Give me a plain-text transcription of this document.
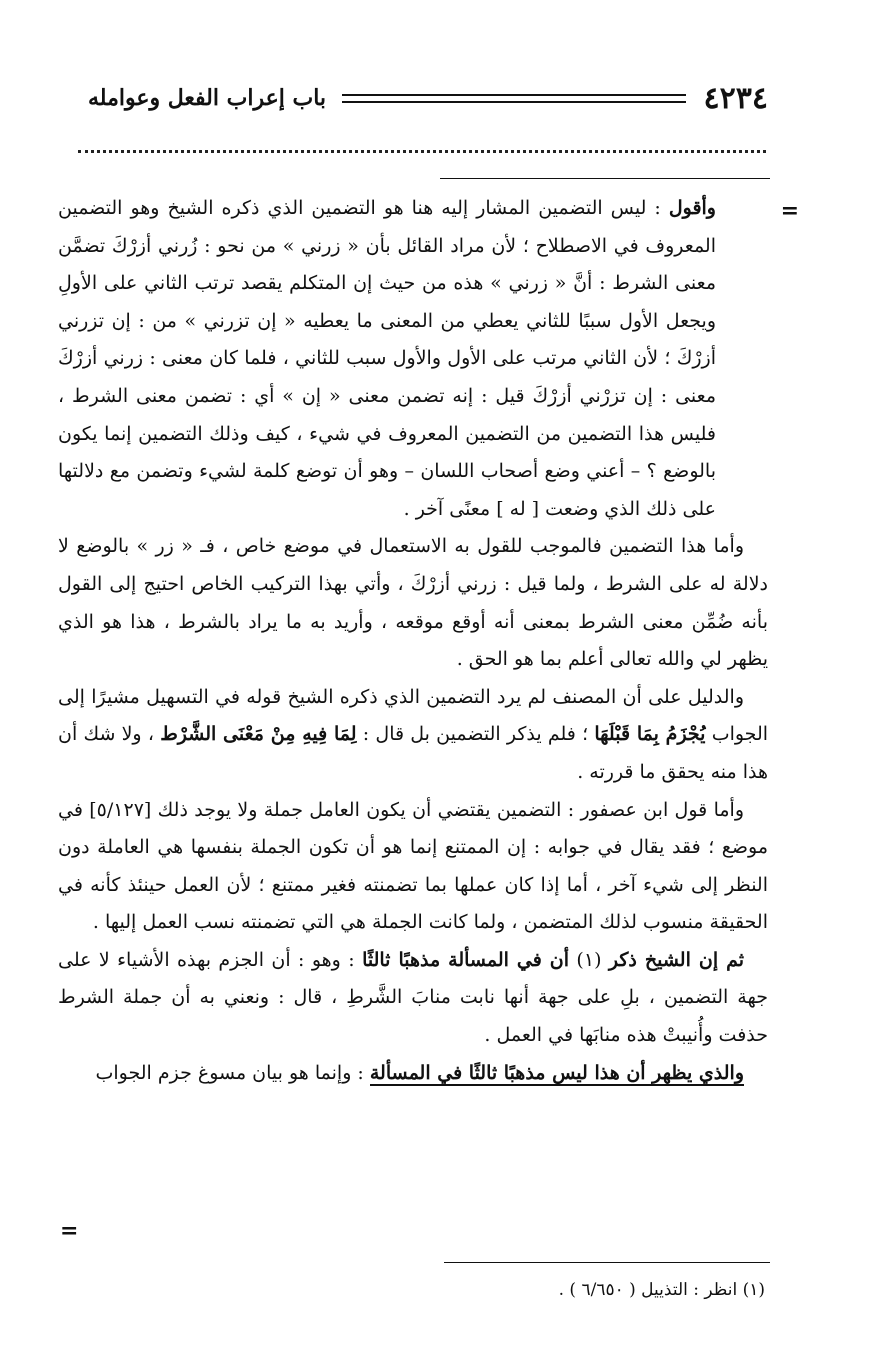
٤٢٣٤
باب إعراب الفعل وعوامله
=

وأقول : ليس التضمين المشار إليه هنا هو التضمين الذي ذكره الشيخ وهو التضمين المعروف في الاصطلاح ؛ لأن مراد القائل بأن « زرني » من نحو : زُرني أزرْكَ تضمَّن معنى الشرط : أنَّ « زرني » هذه من حيث إن المتكلم يقصد ترتب الثاني على الأولِ ويجعل الأول سببًا للثاني يعطي من المعنى ما يعطيه « إن تزرني » من : إن تزرني أزرْكَ ؛ لأن الثاني مرتب على الأول والأول سبب للثاني ، فلما كان معنى : زرني أزرْكَ معنى : إن تزرْني أزرْكَ قيل : إنه تضمن معنى « إن » أي : تضمن معنى الشرط ، فليس هذا التضمين من التضمين المعروف في شيء ، كيف وذلك التضمين إنما يكون بالوضع ؟ – أعني وضع أصحاب اللسان – وهو أن توضع كلمة لشيء وتضمن مع دلالتها على ذلك الذي وضعت [ له ] معنًى آخر .

وأما هذا التضمين فالموجب للقول به الاستعمال في موضع خاص ، فـ « زر » بالوضع لا دلالة له على الشرط ، ولما قيل : زرني أزرْكَ ، وأتي بهذا التركيب الخاص احتيج إلى القول بأنه ضُمِّن معنى الشرط بمعنى أنه أوقع موقعه ، وأريد به ما يراد بالشرط ، هذا هو الذي يظهر لي والله تعالى أعلم بما هو الحق .

والدليل على أن المصنف لم يرد التضمين الذي ذكره الشيخ قوله في التسهيل مشيرًا إلى الجواب يُجْزَمُ بِمَا قَبْلَهَا ؛ فلم يذكر التضمين بل قال : لِمَا فِيهِ مِنْ مَعْنَى الشَّرْط ، ولا شك أن هذا منه يحقق ما قررته .

وأما قول ابن عصفور : التضمين يقتضي أن يكون العامل جملة ولا يوجد ذلك [٥/١٢٧] في موضع ؛ فقد يقال في جوابه : إن الممتنع إنما هو أن تكون الجملة بنفسها هي العاملة دون النظر إلى شيء آخر ، أما إذا كان عملها بما تضمنته فغير ممتنع ؛ لأن العمل حينئذ كأنه في الحقيقة منسوب لذلك المتضمن ، ولما كانت الجملة هي التي تضمنته نسب العمل إليها .

ثم إن الشيخ ذكر (١) أن في المسألة مذهبًا ثالثًا : وهو : أن الجزم بهذه الأشياء لا على جهة التضمين ، بلِ على جهة أنها نابت منابَ الشَّرطِ ، قال : ونعني به أن جملة الشرط حذفت وأُنيبتْ هذه منابَها في العمل .

والذي يظهر أن هذا ليس مذهبًا ثالثًا في المسألة : وإنما هو بيان مسوغ جزم الجواب

=
(١) انظر : التذييل ( ٦/٦٥٠ ) .
